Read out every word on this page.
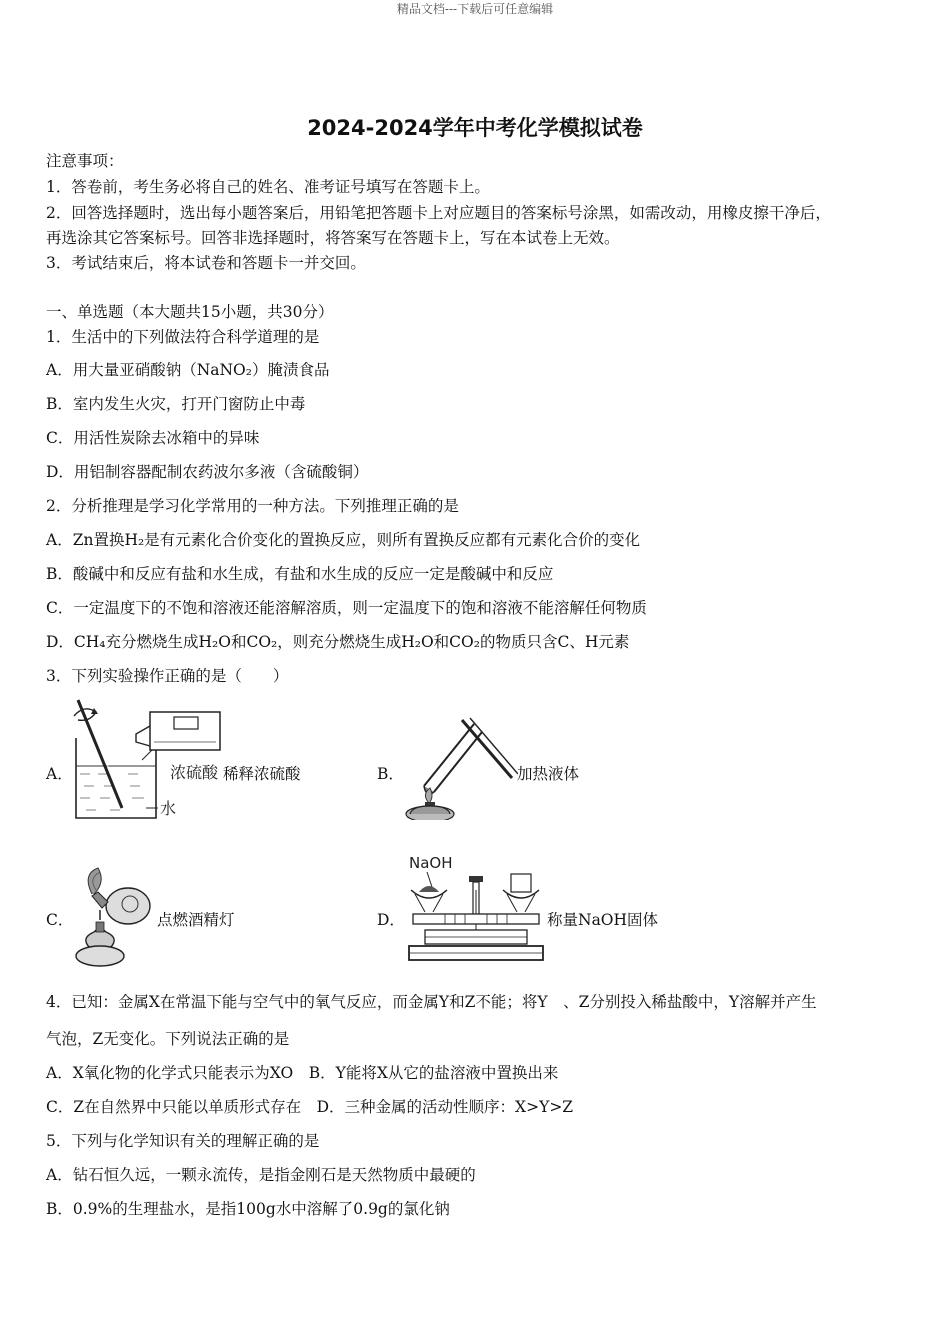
精品文档---下载后可任意编辑
2024-2024学年中考化学模拟试卷
注意事项：
1．答卷前，考生务必将自己的姓名、准考证号填写在答题卡上。
2．回答选择题时，选出每小题答案后，用铅笔把答题卡上对应题目的答案标号涂黑，如需改动，用橡皮擦干净后，
再选涂其它答案标号。回答非选择题时，将答案写在答题卡上，写在本试卷上无效。
3．考试结束后，将本试卷和答题卡一并交回。
一、单选题（本大题共15小题，共30分）
1．生活中的下列做法符合科学道理的是
A．用大量亚硝酸钠（NaNO₂）腌渍食品
B．室内发生火灾，打开门窗防止中毒
C．用活性炭除去冰箱中的异味
D．用铝制容器配制农药波尔多液（含硫酸铜）
2．分析推理是学习化学常用的一种方法。下列推理正确的是
A．Zn置换H₂是有元素化合价变化的置换反应，则所有置换反应都有元素化合价的变化
B．酸碱中和反应有盐和水生成，有盐和水生成的反应一定是酸碱中和反应
C．一定温度下的不饱和溶液还能溶解溶质，则一定温度下的饱和溶液不能溶解任何物质
D．CH₄充分燃烧生成H₂O和CO₂，则充分燃烧生成H₂O和CO₂的物质只含C、H元素
3．下列实验操作正确的是（　　）
A．	浓硫酸
水
稀释浓硫酸	B．	加热液体
C．	点燃酒精灯	D．
NaOH
称量NaOH固体
4．已知：金属X在常温下能与空气中的氧气反应，而金属Y和Z不能；将Y　、Z分别投入稀盐酸中，Y溶解并产生
气泡，Z无变化。下列说法正确的是
A．X氧化物的化学式只能表示为XO　B．Y能将X从它的盐溶液中置换出来
C．Z在自然界中只能以单质形式存在　D．三种金属的活动性顺序：X>Y>Z
5．下列与化学知识有关的理解正确的是
A．钻石恒久远，一颗永流传，是指金刚石是天然物质中最硬的
B．0.9%的生理盐水，是指100g水中溶解了0.9g的氯化钠
